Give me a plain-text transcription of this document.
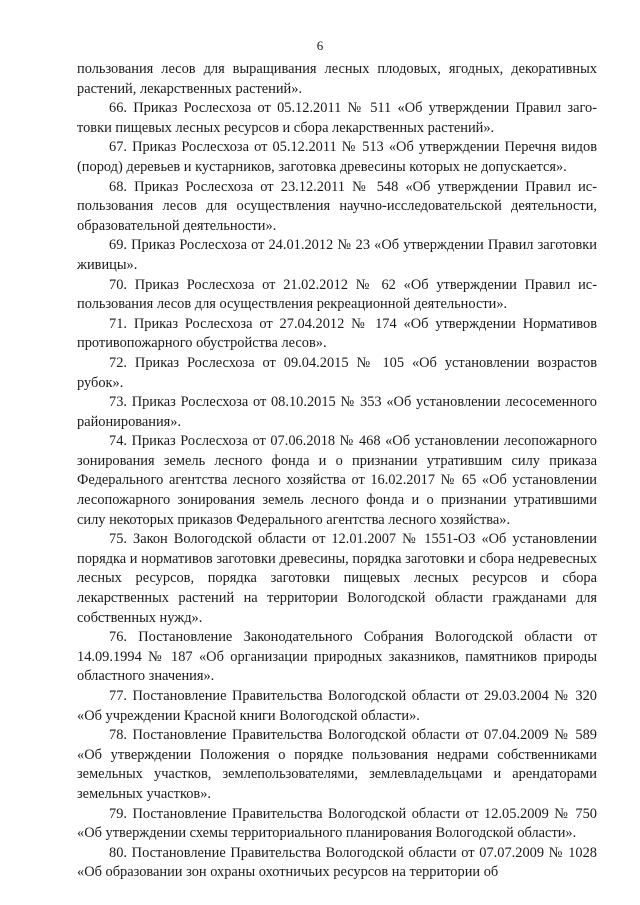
6

пользования лесов для выращивания лесных плодовых, ягодных, декоративных растений, лекарственных растений».

66. Приказ Рослесхоза от 05.12.2011 № 511 «Об утверждении Правил заготовки пищевых лесных ресурсов и сбора лекарственных растений».

67. Приказ Рослесхоза от 05.12.2011 № 513 «Об утверждении Перечня видов (пород) деревьев и кустарников, заготовка древесины которых не допускается».

68. Приказ Рослесхоза от 23.12.2011 № 548 «Об утверждении Правил использования лесов для осуществления научно-исследовательской деятельности, образовательной деятельности».

69. Приказ Рослесхоза от 24.01.2012 № 23 «Об утверждении Правил заготовки живицы».

70. Приказ Рослесхоза от 21.02.2012 № 62 «Об утверждении Правил использования лесов для осуществления рекреационной деятельности».

71. Приказ Рослесхоза от 27.04.2012 № 174 «Об утверждении Нормативов противопожарного обустройства лесов».

72. Приказ Рослесхоза от 09.04.2015 № 105 «Об установлении возрастов рубок».

73. Приказ Рослесхоза от 08.10.2015 № 353 «Об установлении лесосеменного районирования».

74. Приказ Рослесхоза от 07.06.2018 № 468 «Об установлении лесопожарного зонирования земель лесного фонда и о признании утратившим силу приказа Федерального агентства лесного хозяйства от 16.02.2017 № 65 «Об установлении лесопожарного зонирования земель лесного фонда и о признании утратившими силу некоторых приказов Федерального агентства лесного хозяйства».

75. Закон Вологодской области от 12.01.2007 № 1551-ОЗ «Об установлении порядка и нормативов заготовки древесины, порядка заготовки и сбора недревесных лесных ресурсов, порядка заготовки пищевых лесных ресурсов и сбора лекарственных растений на территории Вологодской области гражданами для собственных нужд».

76. Постановление Законодательного Собрания Вологодской области от 14.09.1994 № 187 «Об организации природных заказников, памятников природы областного значения».

77. Постановление Правительства Вологодской области от 29.03.2004 № 320 «Об учреждении Красной книги Вологодской области».

78. Постановление Правительства Вологодской области от 07.04.2009 № 589 «Об утверждении Положения о порядке пользования недрами собственниками земельных участков, землепользователями, землевладельцами и арендаторами земельных участков».

79. Постановление Правительства Вологодской области от 12.05.2009 № 750 «Об утверждении схемы территориального планирования Вологодской области».

80. Постановление Правительства Вологодской области от 07.07.2009 № 1028 «Об образовании зон охраны охотничьих ресурсов на территории об
